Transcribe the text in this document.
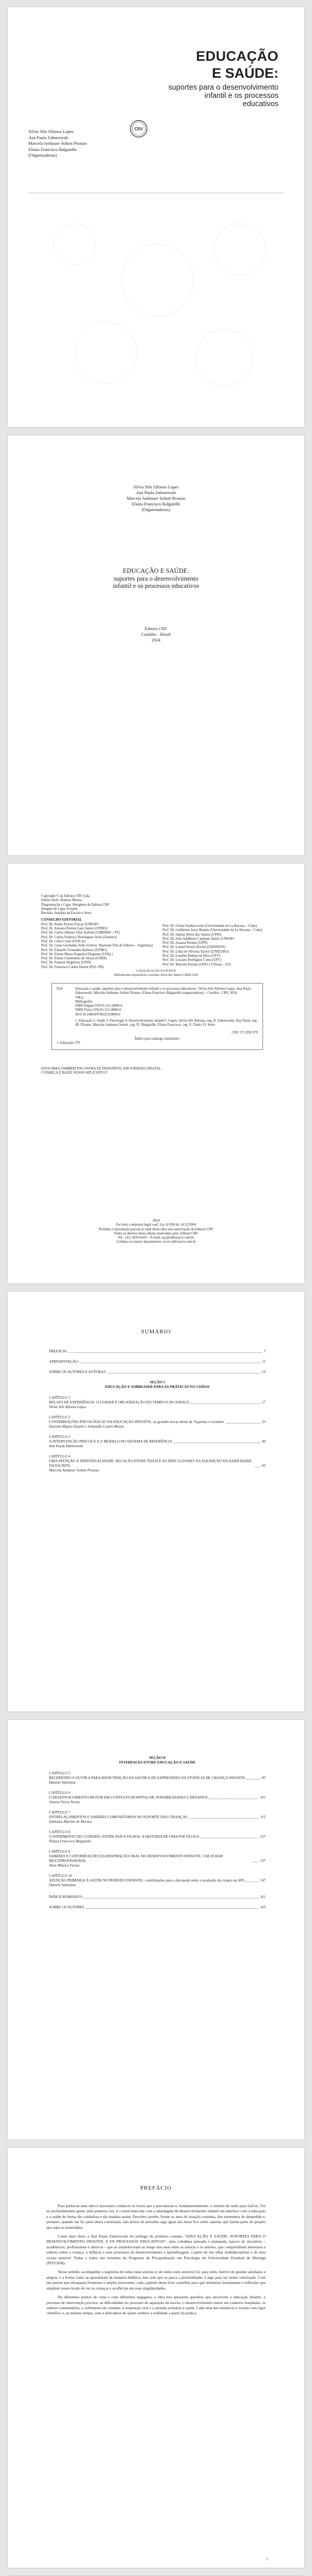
EDUCAÇÃO
E SAÚDE:
suportes para o desenvolvimento
infantil e os processos
educativos
Silvia Siln Alfonso Lopes
Ana Paula Zaborowski
Marcela Ambauer Soltoti Pirauso
Eliana Francisco Balganille
(Organizadoras)
CRV
Silvia Siln Alfonso Lopes
Ana Paula Zaborowski
Marcela Ambauer Soltoti Pirauso
Eliana Francisco Balganille
(Organizadoras)
EDUCAÇÃO E SAÚDE:
suportes para o desenvolvimento
infantil e os processos educativos
Editora CRV
Curitiba – Brasil
2024
Copyright © da Editora CRV Ltda.
Editor-chefe: Railson Moura
Diagramação e Capa: Designers da Editora CRV
Imagem de Capa: Freepik
Revisão: Analista de Escrita e Artes
CONSELHO EDITORIAL
Prof. Dr. Andre Pereira Falcao (UNESP)
Prof. Dr. Antonio Pereira Gaio Junior (UFRRJ)
Prof. Dr. Carlos Alberto Vilar Estêvão (UMINHO – PT)
Prof. Dr. Carlos Federico Dominguez Avila (Unieuro)
Prof. Dr. Celso Conti (UFSCar)
Prof. Dr. Cesar Gerónimo Tello (Univer. Nacional Três de Febrero – Argentina)
Prof. Dr. Eduardo Fernandes Barbosa (UFMG)
Prof. Dr. Elione Maria Nogueira Diogenes (UFAL)
Prof. Dr. Elizeu Clementino de Souza (UNEB)
Prof. Dr. Fauston Negreiros (UFPI)
Prof. Dr. Francisco Carlos Duarte (PUC-PR)
Prof. Dr. Gloria Fariñas León (Universidade de La Havana – Cuba)
Prof. Dr. Guillermo Arias Beatón (Universidade de La Havana – Cuba)
Prof. Dr. Jailson Alves dos Santos (UFRJ)
Prof. Dr. João Adalberto Campato Junior (UNESP)
Prof. Dr. Josania Portela (UFPI)
Prof. Dr. Leonel Severo Rocha (UNISINOS)
Prof. Dr. Lidia de Oliveira Xavier (UNIEURO)
Prof. Dr. Lourdes Helena da Silva (UFV)
Prof. Dr. Luciano Rodrigues Costa (UFV)
Prof. Dr. Marcelo Paixão (UFRJ e UTexas – US)
CATALOGAÇÃO NA FONTE
Bibliotecária responsável: Luzenira Alves dos Santos CRB9/1506
E24	Educação e saúde: suportes para o desenvolvimento infantil e os processos educativos / Silvia Siln Alfonso Lopes, Ana Paula Zaborowski, Marcela Ambauer Soltoti Pirauso, Eliana Francisco Balganille (organizadoras) – Curitiba : CRV, 2024.
168 p.
Bibliografia
ISBN Digital 978-65-251-0000-0
ISBN Físico 978-65-251-0000-0
DOI 10.24824/978652510000.0
1. Educação 2. Saúde 3. Psicologia 4. Desenvolvimento infantil I. Lopes, Silvia Siln Alfonso. org. II. Zaborowski, Ana Paula. org. III. Pirauso, Marcela Ambauer Soltoti. org. IV. Balganille, Eliana Francisco. org. V. Título VI. Série.
CDU 37 CDD 370
Índice para catálogo sistemático
1. Educação 370
ESTA OBRA TAMBÉM ENCONTRA-SE DISPONÍVEL EM FORMATO DIGITAL.
CONHEÇA E BAIXE NOSSO APLICATIVO!
2024
Foi feito o depósito legal conf. Lei 10.994 de 14/12/2004
Proibida a reprodução parcial ou total desta obra sem autorização da Editora CRV
Todos os direitos desta edição reservados pela: Editora CRV
Tel.: (41) 3039-6418 – E-mail: sac@editoracrv.com.br
Conheça os nossos lançamentos: www.editoracrv.com.br
SUMÁRIO
PREFÁCIO	7
APRESENTAÇÃO	11
SOBRE OS AUTORES E AUTORAS	13
SEÇÃO I
EDUCAÇÃO E SOBRESSER PARA AS PRÁTICAS NO CHÃOS
CAPÍTULO 1
RELATO DE EXPERIÊNCIA: O CUIDAR E ORGANIZAÇÃO DO TEMPO E DO ESPAÇO	17
Silvia Siln Alfonso Lopes
CAPÍTULO 2
CONTRIBUIÇÕES PSICOLÓGICAS NA EDUCAÇÃO INFANTIL: as grandes novas ideias de Vygotsky e Leontiev	33
Daniela Miguez Zanetti e Sebastião Castro Moura
CAPÍTULO 3
A INTERVENÇÃO PRECOCE E O MODELO DO SISTEMA DE REFERÊNCIA	49
Ana Paula Zaborowski
CAPÍTULO 4
UMA ATENÇÃO À INDIVIDUALIDADE: RELAÇÃO ENTRE TDA/H E AS DIFICULDADES NA AQUISIÇÃO DA HABILIDADE DA ESCRITA	65
Marcela Ambauer Soltoti Pirauso
SEÇÃO II
INTERFACES ENTRE EDUCAÇÃO E SAÚDE
CAPÍTULO 5
RECEBENDO A OUVIR A PARA MANUTENÇÃO DA SAÚDE E DE EXPRESSÕES DA VIVÊNCIA DE CRIANÇA INFANTIL	85
Daniele Valentina
CAPÍTULO 6
O DESENVOLVIMENTO MOTOR EM CONTEXTO HOSPITALAR: POSSIBILIDADES E DESAFIOS	101
Jéssica Vieira Novas
CAPÍTULO 7
ENTRELAÇAMENTOS E SABERES COMUNITÁRIOS NO SUPORTE DAS CRIANÇAS	115
Sulimara Martins de Moraes
CAPÍTULO 8
O SOFRIMENTO DO CUIDADO, ENTRE PAIS E FILHOS: A HISTÓRIA DE UMA PSICÓLOGA	127
Eliana Francisco Balganille
CAPÍTULO 9
SABERES E CONTRIBUIÇÕES DA RESPIRAÇÃO ORAL NO DESENVOLVIMENTO INFANTIL: UM OLHAR MULTIPROFISSIONAL	137
Aline Ribeiro Farias
CAPÍTULO 10
ATENÇÃO PRIMÁRIA À SAÚDE NO PERÍODO INFANTIL: contribuições para a discussão sobre a avaliação da criança na APS	147
Daniele Valentina
ÍNDICE REMISSIVO	161
SOBRE OS AUTORES	165
PREFÁCIO

Para prefaciar uma obra é necessário conhecer os frutos que a precederam e, fundamentalmente, o sentido da razão para fazê-lo. Fui eu profundamente quem, pela primeira vez, li e emocionei-me com a abordagem do desenvolvimento infantil em interface com a educação e a saúde de forma tão cuidadosa e tão madura assim. Perceber, porém, foram os anos de atuação conjunta, dos momentos de despedida e, portanto, quando me fiz parte desta construção, não deixei de perceber algo igual aos meus fios sobre aquelas que fazem parte do projeto que aqui se materializa.

Como bem disse a Ana Paula Zaborowski no prólogo do primeiro contato, "EDUCAÇÃO E SAÚDE: SUPORTES PARA O DESENVOLVIMENTO INFANTIL E OS PROCESSOS EDUCATIVOS", uma coletânea pensada e planejada, nasceu de encontros – acadêmicos, profissionais e afetivos – que se estabeleceram ao longo dos anos entre as autoras e os autores, que compartilham interesses e saberes sobre a criança, a infância e seus processos de desenvolvimento e aprendizagem, a partir de um olhar multidisciplinar e de uma escuta sensível. Todas e todos são oriundos do Programa de Pós-graduação em Psicologia da Universidade Estadual de Maringá (PPI/UEM).

Nesse sentido, acompanhar a trajetória de todas estas autoras (e de todos estes autores) foi, para mim, motivo de grande satisfação e alegria, e a forma como se apresentam de maneira didática, mas sem que se perca a profundidade, é algo para ser muito valorizado. Com um pensar que ultrapassa fronteiras e amplia horizontes, cada capítulo deste livro contribui para que tenhamos ferramentas e reflexões que ampliem nosso modo de ver as crianças e acolhê-las em suas singularidades.

De diferentes pontos de vista e com diferentes bagagens, a obra nos apresenta questões que envolvem a educação infantil, o processo de intervenção precoce, as dificuldades no processo de aquisição da escrita, o desenvolvimento motor em contexto hospitalar, os saberes comunitários, o sofrimento do cuidado, a respiração oral e a atenção primária à saúde. Cada uma das temáticas é trazida com rigor científico e, ao mesmo tempo, com a delicadeza de quem conhece a realidade a partir da prática.

7
